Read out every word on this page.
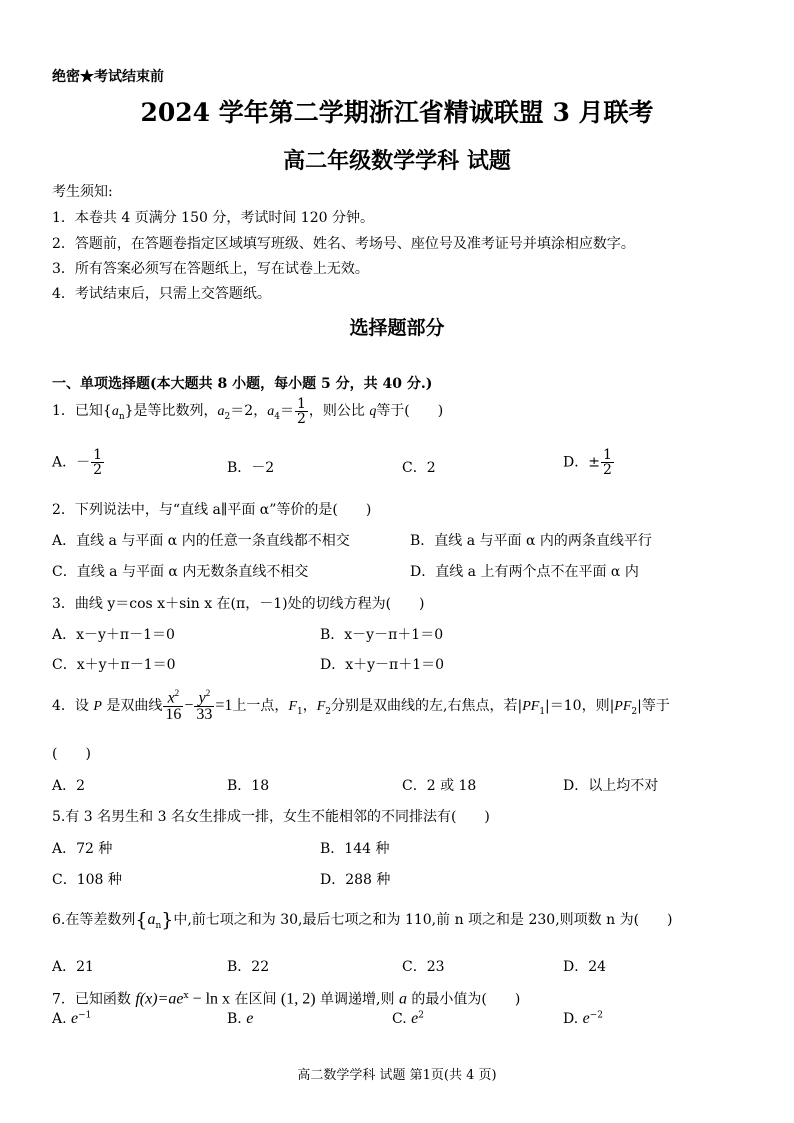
绝密★考试结束前
2024 学年第二学期浙江省精诚联盟 3 月联考
高二年级数学学科 试题
考生须知:
1．本卷共 4 页满分 150 分，考试时间 120 分钟。
2．答题前，在答题卷指定区域填写班级、姓名、考场号、座位号及准考证号并填涂相应数字。
3．所有答案必须写在答题纸上，写在试卷上无效。
4．考试结束后，只需上交答题纸。
选择题部分
一、单项选择题(本大题共 8 小题，每小题 5 分，共 40 分.)
1．已知$\{a_n\}$是等比数列，$a_2=2$，$a_4= \frac{1}{2}$ ，则公比 q等于(　　)
A．－ $\frac{1}{2}$	B．－2	C．2	D．± $\frac{1}{2}$
2．下列说法中，与“直线 a∥平面 α”等价的是(　　)
A．直线 a 与平面 α 内的任意一条直线都不相交	B．直线 a 与平面 α 内的两条直线平行
C．直线 a 与平面 α 内无数条直线不相交	D．直线 a 上有两个点不在平面 α 内
3．曲线 y＝cos x＋sin x 在(π，－1)处的切线方程为(　　)
A．x－y＋π－1＝0	B．x－y－π＋1＝0
C．x＋y＋π－1＝0	D．x＋y－π＋1＝0
4．设 P 是双曲线 $\frac{x^2}{16} - \frac{y^2}{33} =1$上一点，$F_1$，$F_2$分别是双曲线的左,右焦点，若$|PF_1|=10$，则$|PF_2|$等于
(　　)
A．2	B．18	C．2 或 18	D．以上均不对
5.有 3 名男生和 3 名女生排成一排，女生不能相邻的不同排法有(　　)
A．72 种	B．144 种
C．108 种	D．288 种
6.在等差数列$\{a_n\}$中,前七项之和为 30,最后七项之和为 110,前 n 项之和是 230,则项数 n 为(　　)
A．21	B．22	C．23	D．24
7．已知函数 $f(x)=ae^x - \ln x$ 在区间 (1, 2) 单调递增,则 a 的最小值为(　　)
A. $e^{-1}$	B. e	C. $e^2$	D. $e^{-2}$
高二数学学科 试题 第1页(共 4 页)
